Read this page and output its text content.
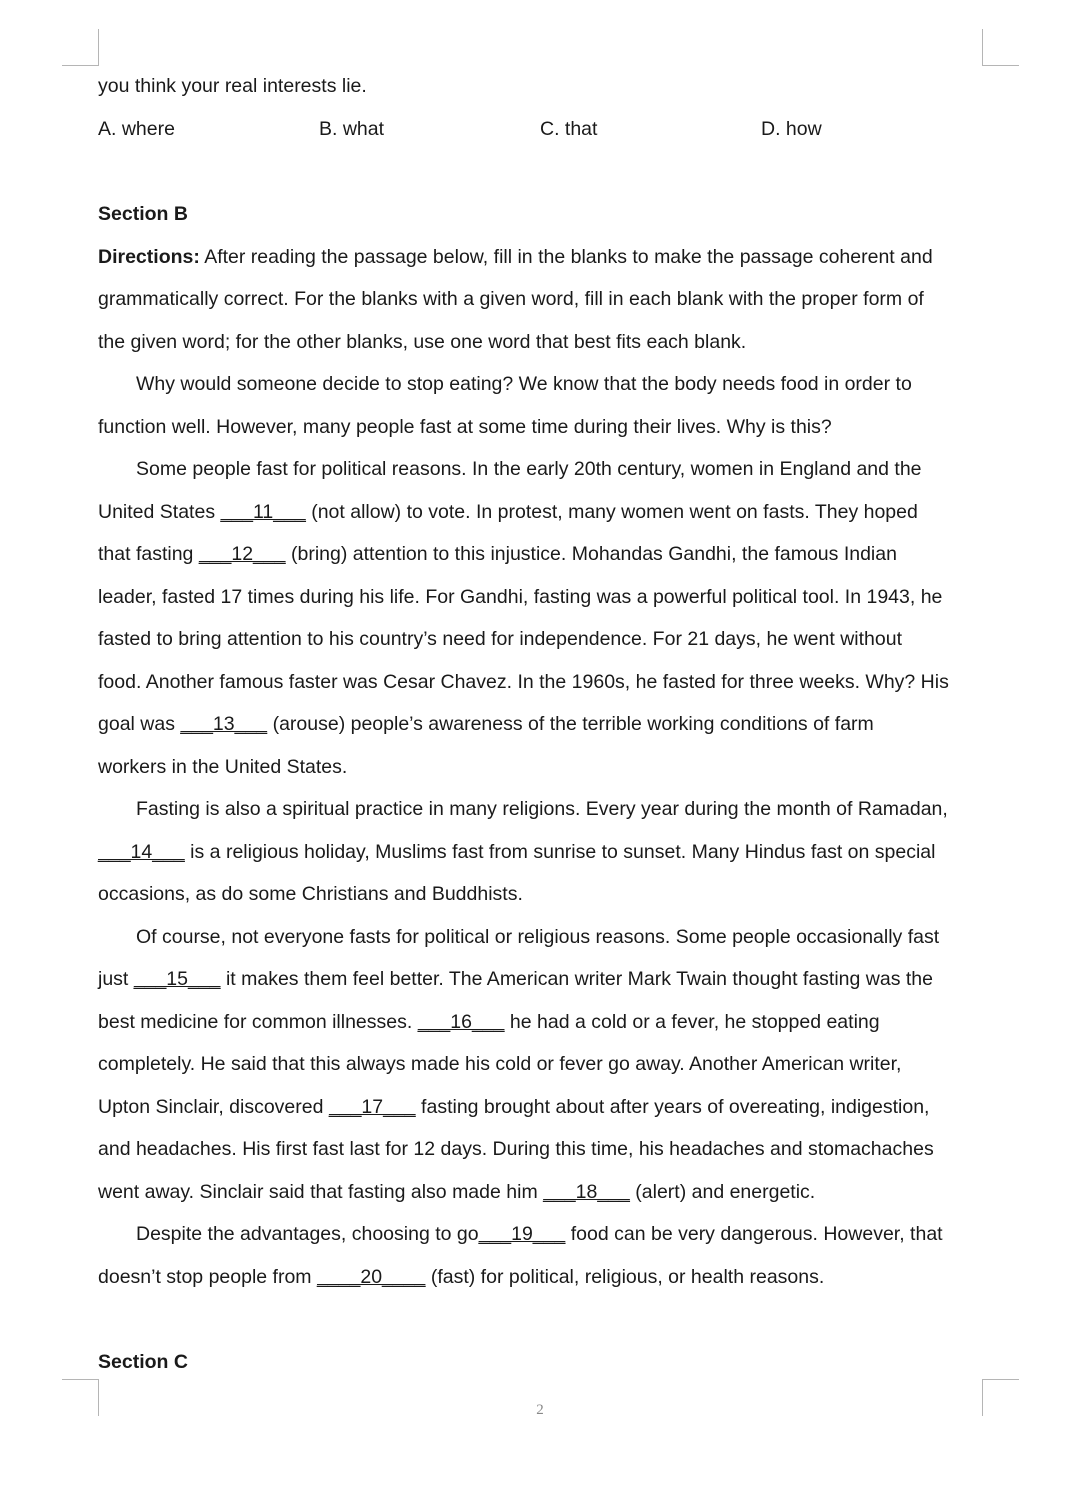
you think your real interests lie.
A. where	B. what	C. that	D. how
Section B
Directions: After reading the passage below, fill in the blanks to make the passage coherent and
grammatically correct. For the blanks with a given word, fill in each blank with the proper form of
the given word; for the other blanks, use one word that best fits each blank.
Why would someone decide to stop eating? We know that the body needs food in order to
function well. However, many people fast at some time during their lives. Why is this?
Some people fast for political reasons. In the early 20th century, women in England and the
United States ___11___ (not allow) to vote. In protest, many women went on fasts. They hoped
that fasting ___12___ (bring) attention to this injustice. Mohandas Gandhi, the famous Indian
leader, fasted 17 times during his life. For Gandhi, fasting was a powerful political tool. In 1943, he
fasted to bring attention to his country’s need for independence. For 21 days, he went without
food. Another famous faster was Cesar Chavez. In the 1960s, he fasted for three weeks. Why? His
goal was ___13___ (arouse) people’s awareness of the terrible working conditions of farm
workers in the United States.
Fasting is also a spiritual practice in many religions. Every year during the month of Ramadan,
___14___ is a religious holiday, Muslims fast from sunrise to sunset. Many Hindus fast on special
occasions, as do some Christians and Buddhists.
Of course, not everyone fasts for political or religious reasons. Some people occasionally fast
just ___15___ it makes them feel better. The American writer Mark Twain thought fasting was the
best medicine for common illnesses. ___16___ he had a cold or a fever, he stopped eating
completely. He said that this always made his cold or fever go away. Another American writer,
Upton Sinclair, discovered ___17___ fasting brought about after years of overeating, indigestion,
and headaches. His first fast last for 12 days. During this time, his headaches and stomachaches
went away. Sinclair said that fasting also made him ___18___ (alert) and energetic.
Despite the advantages, choosing to go___19___ food can be very dangerous. However, that
doesn’t stop people from ____20____ (fast) for political, religious, or health reasons.
Section C
2
